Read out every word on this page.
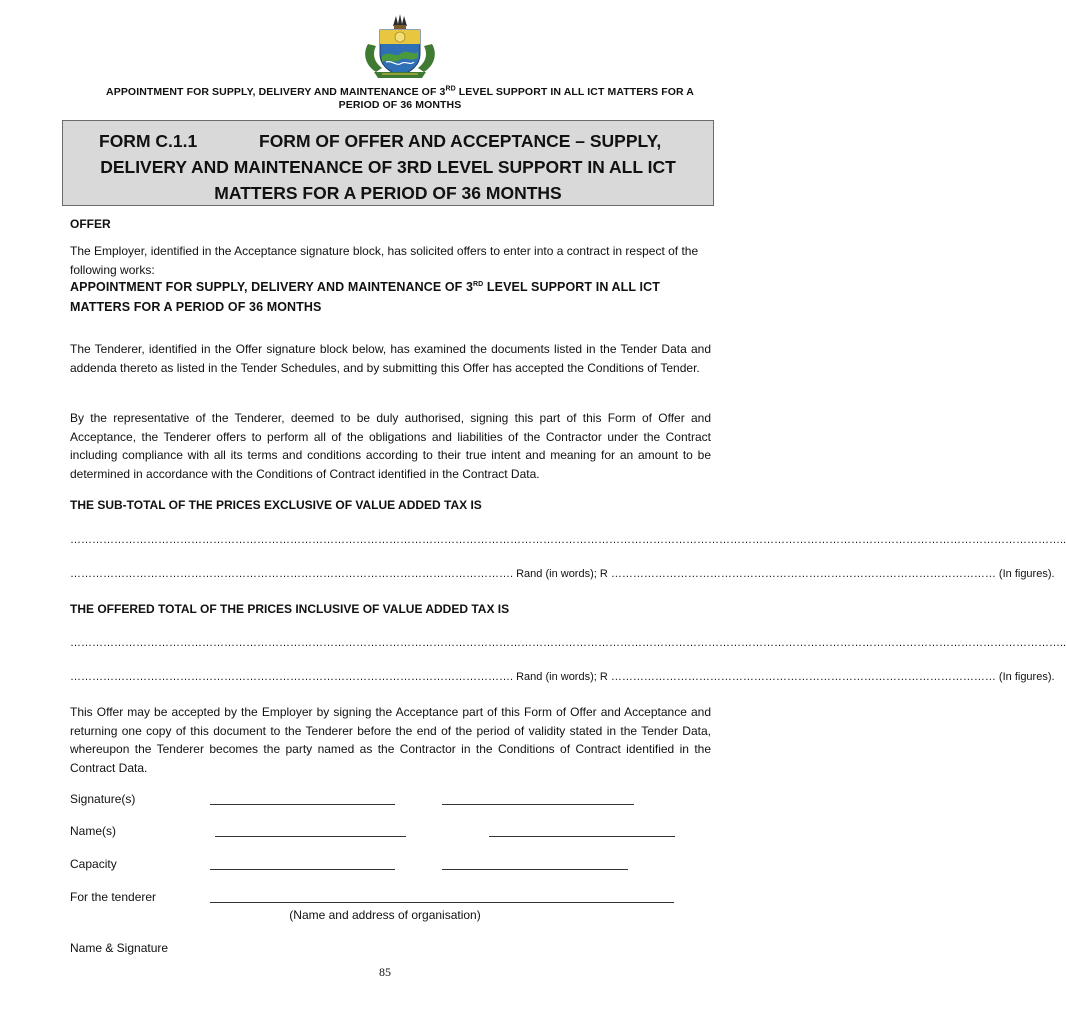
APPOINTMENT FOR SUPPLY, DELIVERY AND MAINTENANCE OF 3RD LEVEL SUPPORT IN ALL ICT MATTERS FOR A
PERIOD OF 36 MONTHS
FORM C.1.1	FORM OF OFFER AND ACCEPTANCE – SUPPLY,
DELIVERY AND MAINTENANCE OF 3RD LEVEL SUPPORT IN ALL ICT
MATTERS FOR A PERIOD OF 36 MONTHS
OFFER
The Employer, identified in the Acceptance signature block, has solicited offers to enter into a contract in respect of the following works:
APPOINTMENT FOR SUPPLY, DELIVERY AND MAINTENANCE OF 3RD LEVEL SUPPORT IN ALL ICT MATTERS FOR A PERIOD OF 36 MONTHS
The Tenderer, identified in the Offer signature block below, has examined the documents listed in the Tender Data and addenda thereto as listed in the Tender Schedules, and by submitting this Offer has accepted the Conditions of Tender.
By the representative of the Tenderer, deemed to be duly authorised, signing this part of this Form of Offer and Acceptance, the Tenderer offers to perform all of the obligations and liabilities of the Contractor under the Contract including compliance with all its terms and conditions according to their true intent and meaning for an amount to be determined in accordance with the Conditions of Contract identified in the Contract Data.
THE SUB-TOTAL OF THE PRICES EXCLUSIVE OF VALUE ADDED TAX IS
………………………………………………………………………………………………………………………………………………………………………………………………………………………………………………..
…………………………………………………………………………………………………………. Rand (in words); R …………………………………………………………………………………………… (In figures).
THE OFFERED TOTAL OF THE PRICES INCLUSIVE OF VALUE ADDED TAX IS
………………………………………………………………………………………………………………………………………………………………………………………………………………………………………………..
…………………………………………………………………………………………………………. Rand (in words); R …………………………………………………………………………………………… (In figures).
This Offer may be accepted by the Employer by signing the Acceptance part of this Form of Offer and Acceptance and returning one copy of this document to the Tenderer before the end of the period of validity stated in the Tender Data, whereupon the Tenderer becomes the party named as the Contractor in the Conditions of Contract identified in the Contract Data.
Signature(s)
Name(s)
Capacity
For the tenderer
(Name and address of organisation)
Name & Signature
85
